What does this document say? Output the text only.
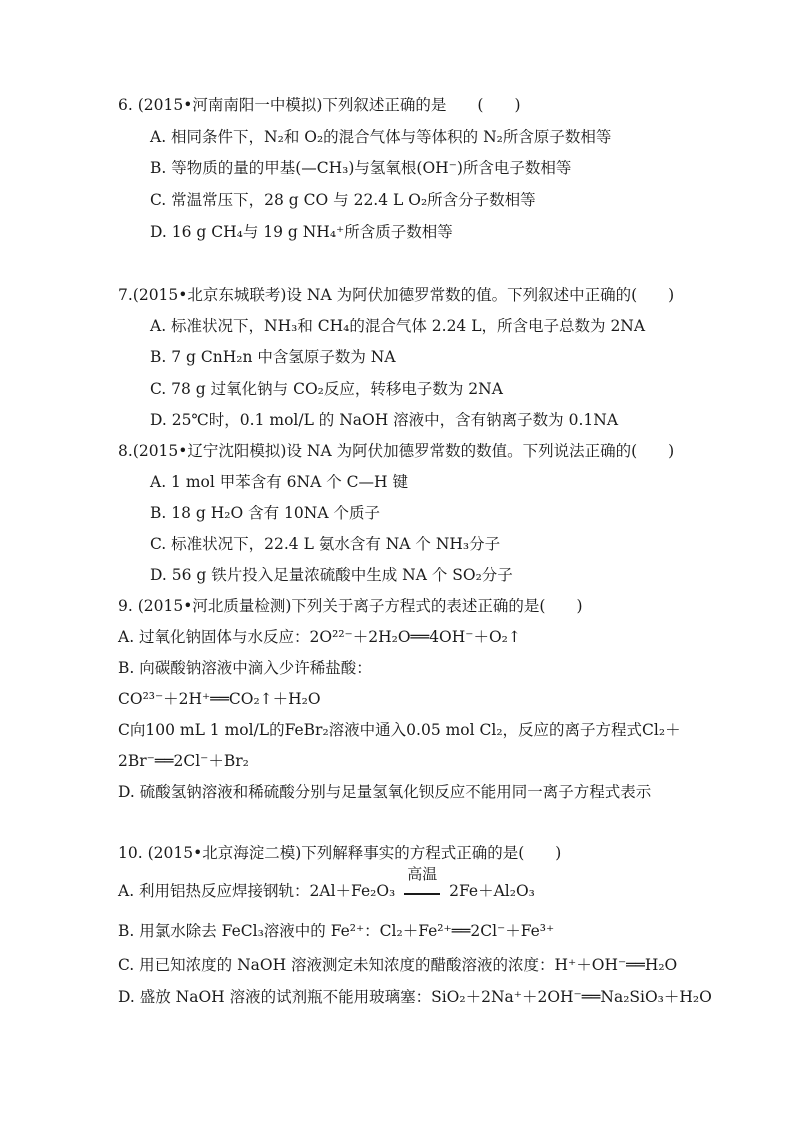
6. (2015•河南南阳一中模拟)下列叙述正确的是　　(　　)
A. 相同条件下，N₂和 O₂的混合气体与等体积的 N₂所含原子数相等
B. 等物质的量的甲基(—CH₃)与氢氧根(OH⁻)所含电子数相等
C. 常温常压下，28 g CO 与 22.4 L O₂所含分子数相等
D. 16 g CH₄与 19 g NH₄⁺所含质子数相等
7.(2015•北京东城联考)设 NA 为阿伏加德罗常数的值。下列叙述中正确的(　　)
A. 标准状况下，NH₃和 CH₄的混合气体 2.24 L，所含电子总数为 2NA
B. 7 g CnH₂n 中含氢原子数为 NA
C. 78 g 过氧化钠与 CO₂反应，转移电子数为 2NA
D. 25℃时，0.1 mol/L 的 NaOH 溶液中，含有钠离子数为 0.1NA
8.(2015•辽宁沈阳模拟)设 NA 为阿伏加德罗常数的数值。下列说法正确的(　　)
A. 1 mol 甲苯含有 6NA 个 C—H 键
B. 18 g H₂O 含有 10NA 个质子
C. 标准状况下，22.4 L 氨水含有 NA 个 NH₃分子
D. 56 g 铁片投入足量浓硫酸中生成 NA 个 SO₂分子
9. (2015•河北质量检测)下列关于离子方程式的表述正确的是(　　)
A. 过氧化钠固体与水反应：2O²²⁻＋2H₂O══4OH⁻＋O₂↑
B. 向碳酸钠溶液中滴入少许稀盐酸：
CO²³⁻＋2H⁺══CO₂↑＋H₂O
C向100 mL 1 mol/L的FeBr₂溶液中通入0.05 mol Cl₂，反应的离子方程式Cl₂＋
2Br⁻══2Cl⁻＋Br₂
D. 硫酸氢钠溶液和稀硫酸分别与足量氢氧化钡反应不能用同一离子方程式表示
10. (2015•北京海淀二模)下列解释事实的方程式正确的是(　　)
A. 利用铝热反应焊接钢轨：2Al＋Fe₂O₃
高温
2Fe＋Al₂O₃
B. 用氯水除去 FeCl₃溶液中的 Fe²⁺：Cl₂＋Fe²⁺══2Cl⁻＋Fe³⁺
C. 用已知浓度的 NaOH 溶液测定未知浓度的醋酸溶液的浓度：H⁺＋OH⁻══H₂O
D. 盛放 NaOH 溶液的试剂瓶不能用玻璃塞：SiO₂＋2Na⁺＋2OH⁻══Na₂SiO₃＋H₂O
